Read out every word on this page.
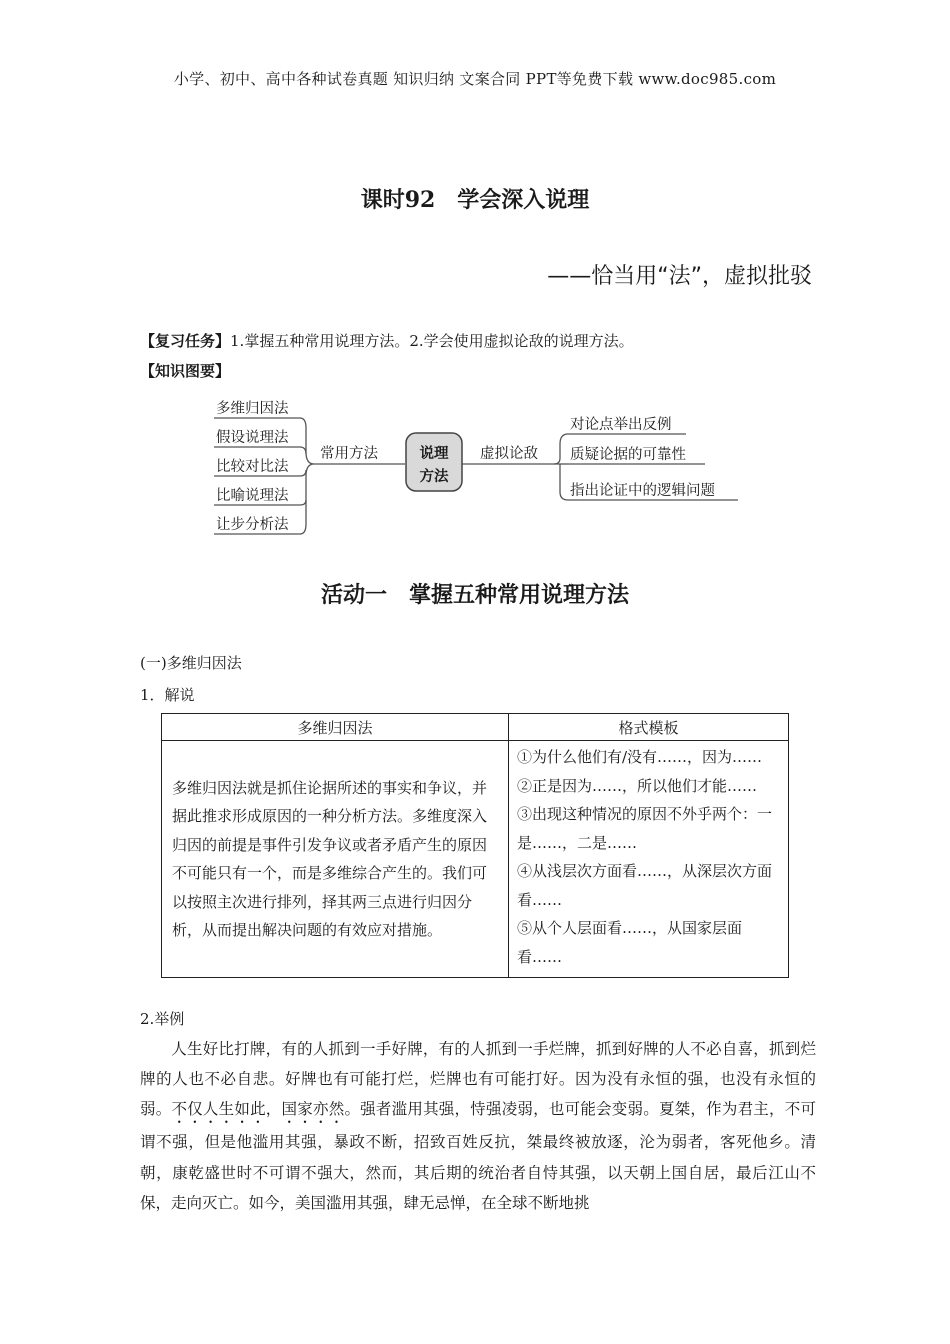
小学、初中、高中各种试卷真题 知识归纳 文案合同 PPT等免费下载 www.doc985.com
课时92　学会深入说理
——恰当用“法”，虚拟批驳
【复习任务】1.掌握五种常用说理方法。2.学会使用虚拟论敌的说理方法。
【知识图要】
说理
方法
常用方法	虚拟论敌
多维归因法
假设说理法
比较对比法
比喻说理法
让步分析法
对论点举出反例
质疑论据的可靠性
指出论证中的逻辑问题
活动一　掌握五种常用说理方法
(一)多维归因法
1．解说
多维归因法	格式模板
多维归因法就是抓住论据所述的事实和争议，并据此推求形成原因的一种分析方法。多维度深入归因的前提是事件引发争议或者矛盾产生的原因不可能只有一个，而是多维综合产生的。我们可以按照主次进行排列，择其两三点进行归因分析，从而提出解决问题的有效应对措施。	①为什么他们有/没有……，因为……
②正是因为……，所以他们才能……
③出现这种情况的原因不外乎两个：一是……，二是……
④从浅层次方面看……，从深层次方面看……
⑤从个人层面看……，从国家层面看……
2.举例
人生好比打牌，有的人抓到一手好牌，有的人抓到一手烂牌，抓到好牌的人不必自喜，抓到烂牌的人也不必自悲。好牌也有可能打烂，烂牌也有可能打好。因为没有永恒的强，也没有永恒的弱。不仅人生如此，国家亦然。强者滥用其强，恃强凌弱，也可能会变弱。夏桀，作为君主，不可谓不强，但是他滥用其强，暴政不断，招致百姓反抗，桀最终被放逐，沦为弱者，客死他乡。清朝，康乾盛世时不可谓不强大，然而，其后期的统治者自恃其强，以天朝上国自居，最后江山不保，走向灭亡。如今，美国滥用其强，肆无忌惮，在全球不断地挑
